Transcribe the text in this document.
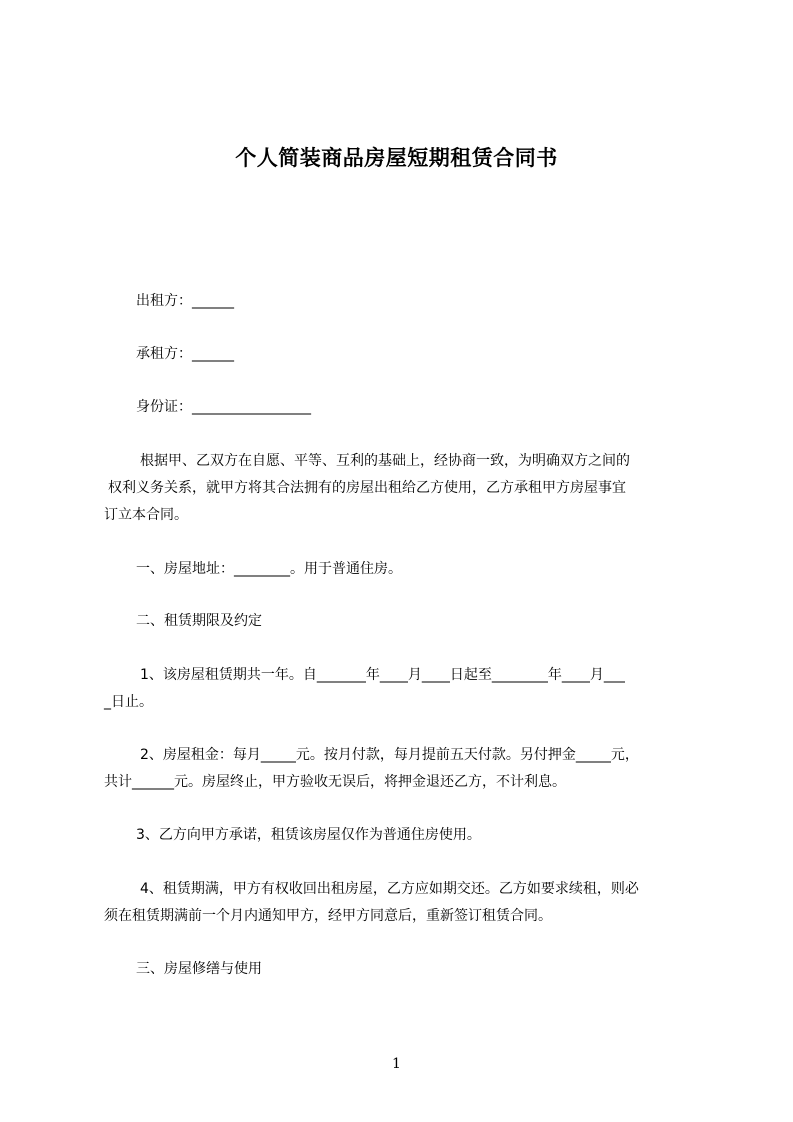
个人简装商品房屋短期租赁合同书

出租方：______

承租方：______

身份证：_________________

根据甲、乙双方在自愿、平等、互利的基础上，经协商一致，为明确双方之间的

权利义务关系，就甲方将其合法拥有的房屋出租给乙方使用，乙方承租甲方房屋事宜

订立本合同。

一、房屋地址：________。用于普通住房。

二、租赁期限及约定

1、该房屋租赁期共一年。自_______年____月____日起至________年____月___

_日止。

2、房屋租金：每月_____元。按月付款，每月提前五天付款。另付押金_____元，

共计______元。房屋终止，甲方验收无误后，将押金退还乙方，不计利息。

3、乙方向甲方承诺，租赁该房屋仅作为普通住房使用。

4、租赁期满，甲方有权收回出租房屋，乙方应如期交还。乙方如要求续租，则必

须在租赁期满前一个月内通知甲方，经甲方同意后，重新签订租赁合同。

三、房屋修缮与使用

1
